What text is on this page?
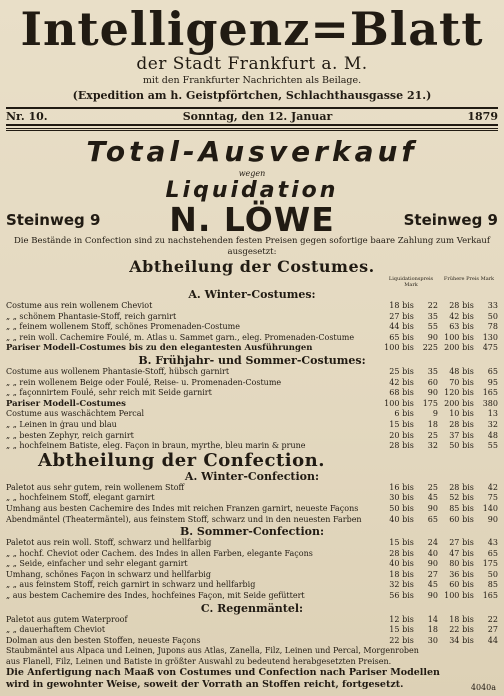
Intelligenz=Blatt
der Stadt Frankfurt a. M.
mit den Frankfurter Nachrichten als Beilage.
(Expedition am h. Geistpförtchen, Schlachthausgasse 21.)
Nr. 10.	Sonntag, den 12. Januar	1879
Total-Ausverkauf
wegen
Liquidation
Steinweg 9 N. LÖWE	Steinweg 9
Die Bestände in Confection sind zu nachstehenden festen Preisen gegen sofortige baare Zahlung zum Verkauf ausgesetzt:
Abtheilung der Costumes.
Liquidationspreis Mark
Frühere Preis Mark
A. Winter-Costumes:
Costume aus rein wollenem Cheviot	18 bis	22	28 bis	33
„ „ schönem Phantasie-Stoff, reich garnirt	27 bis	35	42 bis	50
„ „ feinem wollenem Stoff, schönes Promenaden-Costume	44 bis	55	63 bis	78
„ „ rein woll. Cachemire Foulé, m. Atlas u. Sammet garn., eleg. Promenaden-Costume	65 bis	90 100 bis	130
Pariser Modell-Costumes bis zu den elegantesten Ausführungen	100 bis	225 200 bis	475
B. Frühjahr- und Sommer-Costumes:
Costume aus wollenem Phantasie-Stoff, hübsch garnirt	25 bis	35	48 bis	65
„ „ rein wollenem Beige oder Foulé, Reise- u. Promenaden-Costume	42 bis	60	70 bis	95
„ „ façonnirtem Foulé, sehr reich mit Seide garnirt	68 bis	90 120 bis	165
Pariser Modell-Costumes	100 bis	175 200 bis	380
Costume aus waschächtem Percal	6 bis	9	10 bis	13
„ „ Leinen in ġrau und blau	15 bis	18	28 bis	32
„ „ besten Zephyr, reich garnirt	20 bis	25	37 bis	48
„ „ hochfeinem Batiste, eleg. Façon in braun, myrthe, bleu marin & prune	28 bis	32	50 bis	55
Abtheilung der Confection.
A. Winter-Confection:
Paletot aus sehr gutem, rein wollenem Stoff	16 bis	25	28 bis	42
„ „ hochfeinem Stoff, elegant garnirt	30 bis	45	52 bis	75
Umhang aus besten Cachemire des Indes mit reichen Franzen garnirt, neueste Façons	50 bis	90	85 bis	140
Abendmäntel (Theatermäntel), aus feinstem Stoff, schwarz und in den neuesten Farben	40 bis	65	60 bis	90
B. Sommer-Confection:
Paletot aus rein woll. Stoff, schwarz und hellfarbig	15 bis	24	27 bis	43
„ „ hochf. Cheviot oder Cachem. des Indes in allen Farben, elegante Façons	28 bis	40	47 bis	65
„ „ Seide, einfacher und sehr elegant garnirt	40 bis	90	80 bis	175
Umhang, schönes Façon in schwarz und hellfarbig	18 bis	27	36 bis	50
„ „ aus feinstem Stoff, reich garnirt in schwarz und hellfarbig	32 bis	45	60 bis	85
„ aus bestem Cachemire des Indes, hochfeines Façon, mit Seide gefüttert	56 bis	90 100 bis	165
C. Regenmäntel:
Paletot aus gutem Waterproof	12 bis	14	18 bis	22
„ „ dauerhaftem Cheviot	15 bis	18	22 bis	27
Dolman aus den besten Stoffen, neueste Façons	22 bis	30	34 bis	44
Staubmäntel aus Alpaca und Leinen, Jupons aus Atlas, Zanella, Filz, Leinen und Percal, Morgenroben
aus Flanell, Filz, Leinen und Batiste in größter Auswahl zu bedeutend herabgesetzten Preisen.
Die Anfertigung nach Maaß von Costumes und Confection nach Pariser Modellen
wird in gewohnter Weise, soweit der Vorrath an Stoffen reicht, fortgesetzt.	4040a
